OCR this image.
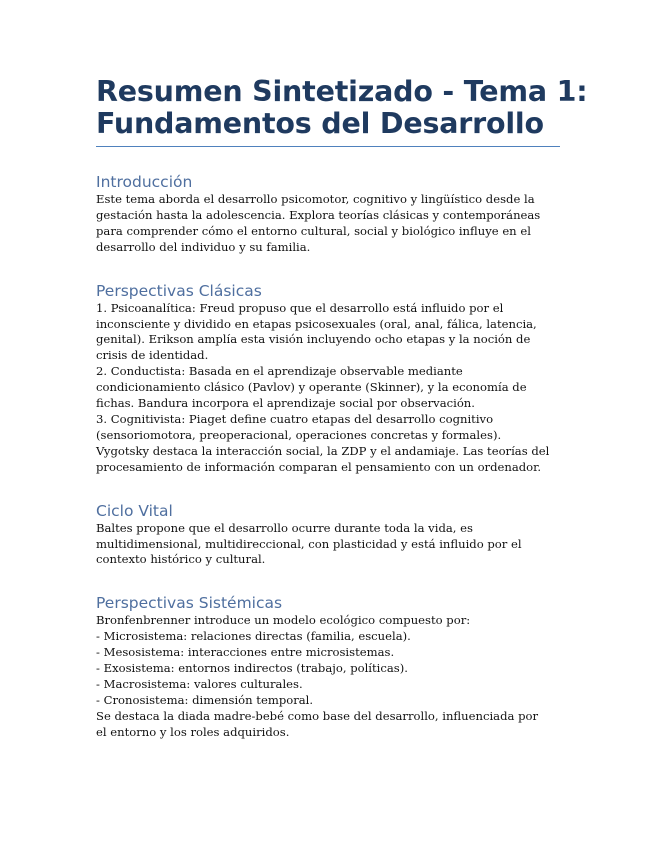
Resumen Sintetizado - Tema 1:
Fundamentos del Desarrollo
Introducción

Este tema aborda el desarrollo psicomotor, cognitivo y lingüístico desde la

gestación hasta la adolescencia. Explora teorías clásicas y contemporáneas

para comprender cómo el entorno cultural, social y biológico influye en el

desarrollo del individuo y su familia.

Perspectivas Clásicas

1. Psicoanalítica: Freud propuso que el desarrollo está influido por el

inconsciente y dividido en etapas psicosexuales (oral, anal, fálica, latencia,

genital). Erikson amplía esta visión incluyendo ocho etapas y la noción de

crisis de identidad.

2. Conductista: Basada en el aprendizaje observable mediante

condicionamiento clásico (Pavlov) y operante (Skinner), y la economía de

fichas. Bandura incorpora el aprendizaje social por observación.

3. Cognitivista: Piaget define cuatro etapas del desarrollo cognitivo

(sensoriomotora, preoperacional, operaciones concretas y formales).

Vygotsky destaca la interacción social, la ZDP y el andamiaje. Las teorías del

procesamiento de información comparan el pensamiento con un ordenador.

Ciclo Vital

Baltes propone que el desarrollo ocurre durante toda la vida, es

multidimensional, multidireccional, con plasticidad y está influido por el

contexto histórico y cultural.

Perspectivas Sistémicas

Bronfenbrenner introduce un modelo ecológico compuesto por:

- Microsistema: relaciones directas (familia, escuela).

- Mesosistema: interacciones entre microsistemas.

- Exosistema: entornos indirectos (trabajo, políticas).

- Macrosistema: valores culturales.

- Cronosistema: dimensión temporal.

Se destaca la diada madre-bebé como base del desarrollo, influenciada por

el entorno y los roles adquiridos.
